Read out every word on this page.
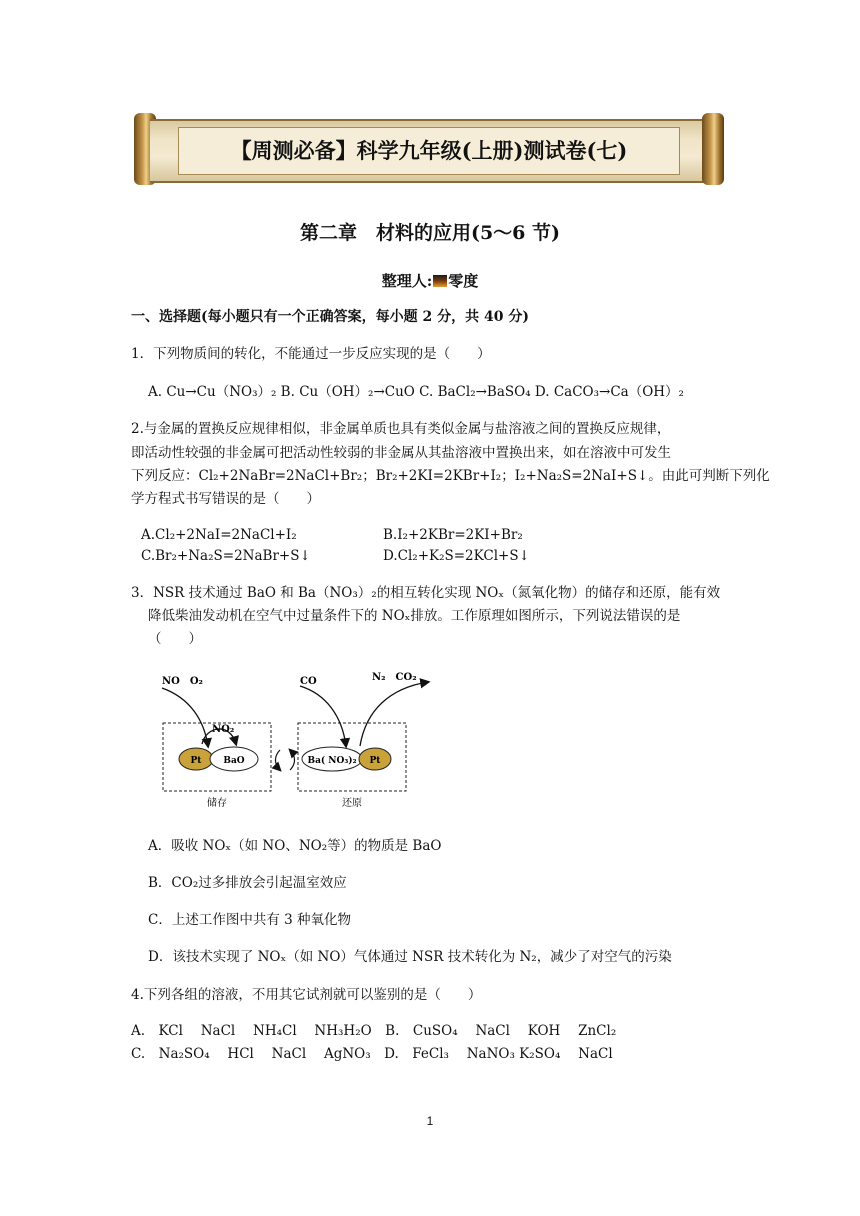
【周测必备】科学九年级(上册)测试卷(七)
第二章　材料的应用(5～6 节)
整理人: 零度
一、选择题(每小题只有一个正确答案，每小题 2 分，共 40 分)
1．下列物质间的转化，不能通过一步反应实现的是（　　）
A. Cu→Cu（NO₃）₂ B. Cu（OH）₂→CuO C. BaCl₂→BaSO₄ D. CaCO₃→Ca（OH）₂
2.与金属的置换反应规律相似，非金属单质也具有类似金属与盐溶液之间的置换反应规律，
即活动性较强的非金属可把活动性较弱的非金属从其盐溶液中置换出来，如在溶液中可发生
下列反应：Cl₂+2NaBr=2NaCl+Br₂；Br₂+2KI=2KBr+I₂；I₂+Na₂S=2NaI+S↓。由此可判断下列化
学方程式书写错误的是（　　）
A.Cl₂+2NaI=2NaCl+I₂	B.I₂+2KBr=2KI+Br₂
C.Br₂+Na₂S=2NaBr+S↓	D.Cl₂+K₂S=2KCl+S↓
3．NSR 技术通过 BaO 和 Ba（NO₃）₂的相互转化实现 NOₓ（氮氧化物）的储存和还原，能有效
降低柴油发动机在空气中过量条件下的 NOₓ排放。工作原理如图所示，下列说法错误的是
（　　）
NO　O₂
NO₂
Pt BaO
CO	N₂　CO₂
Ba( NO₃)₂ Pt
储存	还原
A．吸收 NOₓ（如 NO、NO₂等）的物质是 BaO
B．CO₂过多排放会引起温室效应
C．上述工作图中共有 3 种氧化物
D．该技术实现了 NOₓ（如 NO）气体通过 NSR 技术转化为 N₂，减少了对空气的污染
4.下列各组的溶液，不用其它试剂就可以鉴别的是（　　）
A.　KCl　 NaCl　 NH₄Cl　 NH₃H₂O　B.　CuSO₄　 NaCl　 KOH　 ZnCl₂
C.　Na₂SO₄　 HCl　 NaCl　 AgNO₃　D.　FeCl₃　 NaNO₃ K₂SO₄　 NaCl
1
